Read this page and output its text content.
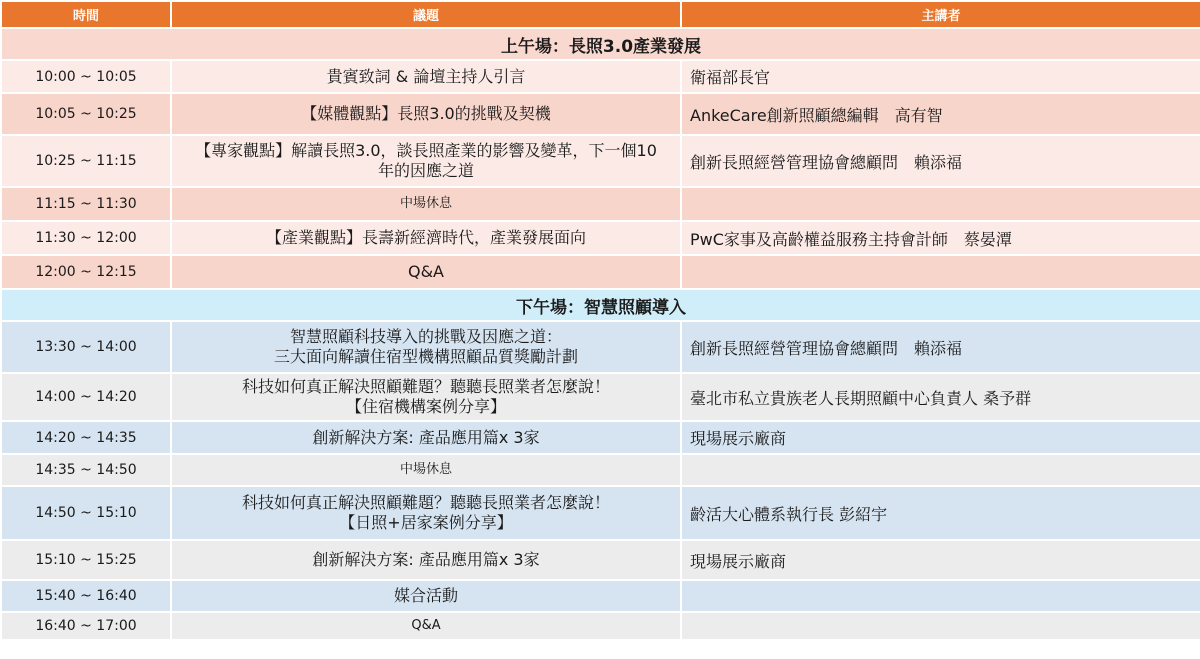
時間	議題	主講者
上午場：長照3.0產業發展		
10:00 ~ 10:05	貴賓致詞 & 論壇主持人引言	衛福部長官
10:05 ~ 10:25	【媒體觀點】長照3.0的挑戰及契機	AnkeCare創新照顧總編輯　高有智
10:25 ~ 11:15	【專家觀點】解讀長照3.0，談長照產業的影響及變革，下一個10
年的因應之道	創新長照經營管理協會總顧問　賴添福
11:15 ~ 11:30	中場休息	

11:30 ~ 12:00	【產業觀點】長壽新經濟時代，產業發展面向	PwC家事及高齡權益服務主持會計師　蔡晏潭
12:00 ~ 12:15	Q&A	

下午場：智慧照顧導入		
13:30 ~ 14:00	智慧照顧科技導入的挑戰及因應之道：
三大面向解讀住宿型機構照顧品質獎勵計劃	創新長照經營管理協會總顧問　賴添福
14:00 ~ 14:20	科技如何真正解決照顧難題？聽聽長照業者怎麼說！
【住宿機構案例分享】	臺北市私立貴族老人長期照顧中心負責人 桑予群
14:20 ~ 14:35	創新解決方案: 產品應用篇x 3家	現場展示廠商
14:35 ~ 14:50	中場休息	

14:50 ~ 15:10	科技如何真正解決照顧難題？聽聽長照業者怎麼說！
【日照+居家案例分享】	齡活大心體系執行長 彭紹宇
15:10 ~ 15:25	創新解決方案: 產品應用篇x 3家	現場展示廠商
15:40 ~ 16:40	媒合活動	

16:40 ~ 17:00	Q&A	
